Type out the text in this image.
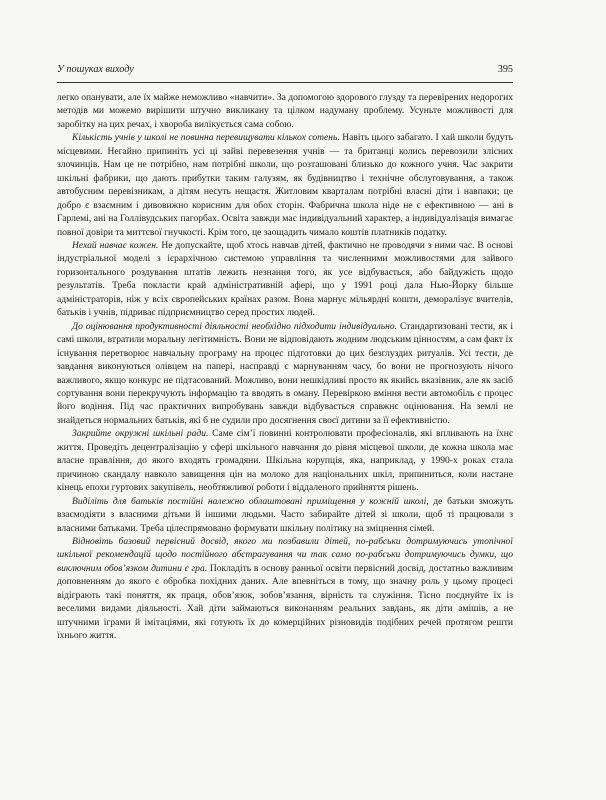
У пошуках виходу	395

легко опанувати, але їх майже неможливо «навчити». За допомогою здорового глузду та перевірених недорогих методів ми можемо вирішити штучно викликану та цілком надуману проблему. Усуньте можливості для заробітку на цих речах, і хвороба вилікується сама собою.

Кількість учнів у школі не повинна перевищувати кількох сотень. Навіть цього забагато. І хай школи будуть місцевими. Негайно припиніть усі ці зайві перевезення учнів — та британці колись перевозили злісних злочинців. Нам це не потрібно, нам потрібні школи, що розташовані близько до кожного учня. Час закрити шкільні фабрики, що дають прибутки таким галузям, як будівництво і технічне обслуговування, а також автобусним перевізникам, а дітям несуть нещастя. Житловим кварталам потрібні власні діти і навпаки; це добро є взаємним і дивовижно корисним для обох сторін. Фабрична школа ніде не є ефективною — ані в Гарлемі, ані на Голлівудських пагорбах. Освіта завжди має індивідуальний характер, а індивідуалізація вимагає повної довіри та миттєвої гнучкості. Крім того, це заощадить чимало коштів платників податку.

Нехай навчає кожен. Не допускайте, щоб хтось навчав дітей, фактично не проводячи з ними час. В основі індустріальної моделі з ієрархічною системою управління та численними можливостями для зайвого горизонтального роздування штатів лежить незнання того, як усе відбувається, або байдужість щодо результатів. Треба покласти край адміністративній афері, що у 1991 році дала Нью-Йорку більше адміністраторів, ніж у всіх європейських країнах разом. Вона марнує мільярдні кошти, деморалізує вчителів, батьків і учнів, підриває підприємництво серед простих людей.

До оцінювання продуктивності діяльності необхідно підходити індивідуально. Стандартизовані тести, як і самі школи, втратили моральну легітимність. Вони не відповідають жодним людським цінностям, а сам факт їх існування перетворює навчальну програму на процес підготовки до цих безглуздих ритуалів. Усі тести, де завдання виконуються олівцем на папері, насправді є марнуванням часу, бо вони не прогнозують нічого важливого, якщо конкурс не підтасований. Можливо, вони нешкідливі просто як якийсь вказівник, але як засіб сортування вони перекручують інформацію та вводять в оману. Перевіркою вміння вести автомобіль є процес його водіння. Під час практичних випробувань завжди відбувається справжнє оцінювання. На землі не знайдеться нормальних батьків, які б не судили про досягнення своєї дитини за її ефективністю.

Закрийте окружні шкільні ради. Саме сім’ї повинні контролювати професіоналів, які впливають на їхнє життя. Проведіть децентралізацію у сфері шкільного навчання до рівня місцевої школи, де кожна школа має власне правління, до якого входять громадяни. Шкільна корупція, яка, наприклад, у 1990-х роках стала причиною скандалу навколо завищення цін на молоко для національних шкіл, припиниться, коли настане кінець епохи гуртових закупівель, необтяжливої роботи і віддаленого прийняття рішень.

Виділіть для батьків постійні належно облаштовані приміщення у кожній школі, де батьки зможуть взаємодіяти з власними дітьми й іншими людьми. Часто забирайте дітей зі школи, щоб ті працювали з власними батьками. Треба цілеспрямовано формувати шкільну політику на зміцнення сімей.

Відновіть базовий первісний досвід, якого ми позбавили дітей, по-рабськи дотримуючись утопічної шкільної рекомендацій щодо постійного абстрагування чи так само по-рабськи дотримуючись думки, що виключним обов’язком дитини є гра. Покладіть в основу ранньої освіти первісний досвід, достатньо важливим доповненням до якого є обробка похідних даних. Але впевніться в тому, що значну роль у цьому процесі відіграють такі поняття, як праця, обов’язок, зобов’язання, вірність та служіння. Тісно поєднуйте їх із веселими видами діяльності. Хай діти займаються виконанням реальних завдань, як діти амішів, а не штучними іграми й імітаціями, які готують їх до комерційних різновидів подібних речей протягом решти їхнього життя.
